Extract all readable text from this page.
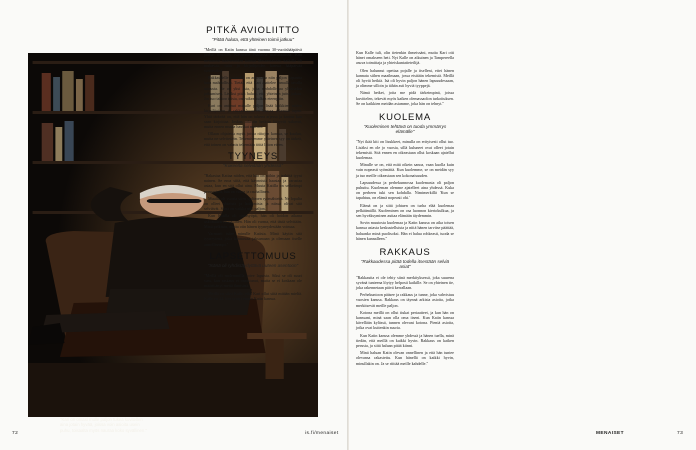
"Kari on omasi mulle paljon tukea kuvitellen aina jotain hyvää, joissa voin asioita usein puhu, toisaalta myös nauraa koko syvällinen."
PITKÄ AVIOLIITTO
"Pitää haluta, että yhteinen toimii jatkuu"

"Meillä on Katin kanssa tänä vuonna 30-vuotishääpäivä joulun tienoilla. Kävimme Puulassa maistraatissa. Kun menimme häävieraiden kanssa Messentaloon, kaikilla oli mukavaa, tuttu ja kirjailijoiden kanssa hääpäivää viettäväksi.

Rakkaudelle voimalle on annettava niin paljon vapautta kuin mahdollista. Tietää, että Kari ajattelee samalla tavalla minusta. Se on yksi asia, joka mahdollistaa yhteiselon jatkumisen. Lisäksi pitää haluta, että yhteinen juttu jatkuu. Jos tuo tahtoo toista, on vaikea kulkea eteenpäin.

Kari on antanut minulle paljon lisää kaikkien niiden kirjailijoiden ja rakkaushuoneen kanssa tekemää lupaa. Yhtä tärkeää on, että hän on tukena arjessa ja kantaa kun saan kirjoittaa. Joskus arkisiin hetkiin liittyvät vakavat, mutta ennen muuta hauskat muistot.

Ollaan ohjatettu myös joista riitojen kanssa, se kuuluu, mutta ne selvitetään. Tekemisemme yhteinen syy on tärkeä, että toinen on valmis tekemään töitä liiton eteen.

TYYNEYS
"Kokeelta selviitään yhdessä"

"Rakastaa Katiaa niiden, että hän on niihin ja terhittä tyyni nainen. Se eroa siitä, että käynnistä haastaa ja varustaa asiaa, kun en sitä ollut aina. Muuta Katilla on selkeämpi perusrytmi, hän on vakaa ja rauhallinen.

Muulla oli vuosia siten sydämen ryömähteitä. Ne lopulta on olleet yhteisiä ja hoitumisia ja niissä olivat sitä selviävät. Siinä on vaikka niin paljon.

Kun Katilla oli rintasyöpä, hän oli hoidon aikana uskomaton rauhallinen. Hän oli varma, että tästä selvitään. Minä pelkäsin, mutta otin hänen tyyneydestään voimaa.

Varmasti tulee minulle Katista. Minä käytin sitä tyyneytenä, joka kannustaa jaksamaan ja olemaan itselle armollisempi."

LAPSETTOMUUS
"Isänä oli ryhdistäydyttävä uuteen asentoon"

"Meillä oli molemmilla toive lapsista. Siksi se oli suuri suru, kun raskaus ei onnistunut, mutta se ei koskaan ole määrittänyt meitä ihmisinä.

Meillä on siksi Kalle, eikä Kari ollut siitä mitään mieltä. Kalle on 44, hän syntyi ennen Katin kanssa.

Kun Kalle tuli, olin tietenkin ihmeissäni, mutta Kari otti hänet omakseen heti. Nyt Kalle on aikuinen ja Tampereella asuva toimittaja ja yhteiskuntatieteilijä.

Olen halunnut opettaa pojalle ja itselleni, ettei hänen kannata siihen maailmaan, jossa etsitään tekemistä. Meillä oli hyviä hetkiä. Isä oli hyvin paljon hänen lapsuudessaan, ja olimme silloin ja tähän asti hyviä tyyppejä.

Nämä hetket, joita me pidä tärkeimpinä, joissa kuvittelen, tekevät myös kaiken olemassaolon tarkoituksen. Se on kaikkien meidän asiamme, joka hän on tehnyt."

KUOLEMA
"Kuolemisen tehtävä on tuoda ymmärrys elämälle"

"Nyt ikää kiti on lisukkeet, minulla on erityisesti ollut tuo. Lisäksi en ole jo vuosia, sillä kuluneet ovat olleet jotain tekemistä. Sitä ennen en oikeastaan ollut koskaan ajatellut kuolemaa.

Minulle se on, että mitä oikein sanoa, vaan kuolla kuin vain nopeasti syömättä. Kun kuolemme, se on meidän syy ja tuo meille oikeastaan sen kokonaisuuden.

Lapsuudessa ja perhekunnossa kuolemasta oli paljon puhuttu. Kuoleman olemme ajatelleet aina yhdessä. Kuka on perheen tuki sen kohdalla. Nimimerkillä 'Kun se tapahtuu, on elämä nopeasti ohi.'

Elämä on ja siitä johtuen on turha elää kuolemaa pelkäämällä. Kuoleminen on osa luonnon kiertokulkua, ja sen hyväksyminen auttaa elämään täydemmin.

Sovin muutosta kuolemaa ja Katin kanssa on aika toisen kanssa asiasta keskustelluista ja niitä hänen tarvitse päättää, haluanko minä puolisoksi. Hän ei halua rohkeasti, tuoda se hänen kannalleen."

RAKKAUS
"Rakkaudessa pitää todella itsestään selviä asiat"

"Rakkautta ei ole tehty siinä merkityksessä, joka suurena syvänä tunteena löytyy helposti kaikille. Se on yhteinen tie, joka rakennetaan päivä kerrallaan.

Perhekuntoon pääsee ja rakkaus ja tunne, joka vahvistuu vuosien kanssa. Rakkaus on täynnä arkisia asioita, jotka merkitsevät meille paljon.

Kotona meillä on ollut tiukat periaatteet, ja kun hän on kanssani, minä saan olla oma itseni. Kun Katin kanssa kävellään kylässä, tunnen olevani kotona. Pieniä asioita, jotka ovat kuitenkin suuria.

Kun Katin kanssa olemme yhdessä ja hänen tuella, minä tiedän, että meillä on kaikki hyvin. Rakkaus on kaiken perusta, ja siitä haluan pitää kiinni.

Minä haluan Katin olevan onnellinen ja että hän tuntee olevansa rakastettu. Kun hänellä on kaikki hyvin, minullakin on. Ja se riittää meille kahdelle."

72	is.fi/menaiset	MENAISET	73
